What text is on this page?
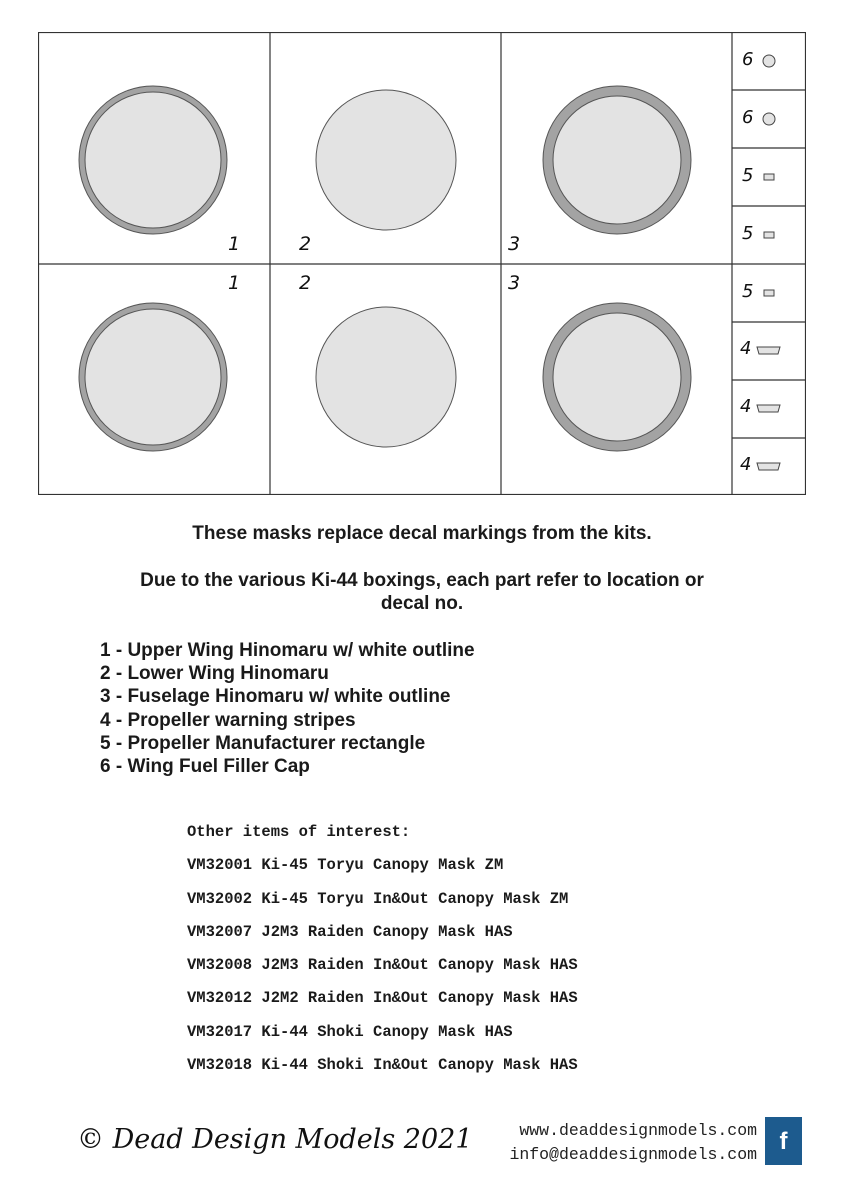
1	2	3
1	2	3
6
6
5
5
5
4
4
4
These masks replace decal markings from the kits.
Due to the various Ki-44 boxings, each part refer to location or
decal no.
1 - Upper Wing Hinomaru w/ white outline
2 - Lower Wing Hinomaru
3 - Fuselage Hinomaru w/ white outline
4 - Propeller warning stripes
5 - Propeller Manufacturer rectangle
6 - Wing Fuel Filler Cap
Other items of interest:
VM32001 Ki-45 Toryu Canopy Mask ZM
VM32002 Ki-45 Toryu In&Out Canopy Mask ZM
VM32007 J2M3 Raiden Canopy Mask HAS
VM32008 J2M3 Raiden In&Out Canopy Mask HAS
VM32012 J2M2 Raiden In&Out Canopy Mask HAS
VM32017 Ki-44 Shoki Canopy Mask HAS
VM32018 Ki-44 Shoki In&Out Canopy Mask HAS
© Dead Design Models 2021	www.deaddesignmodels.com
info@deaddesignmodels.com f
